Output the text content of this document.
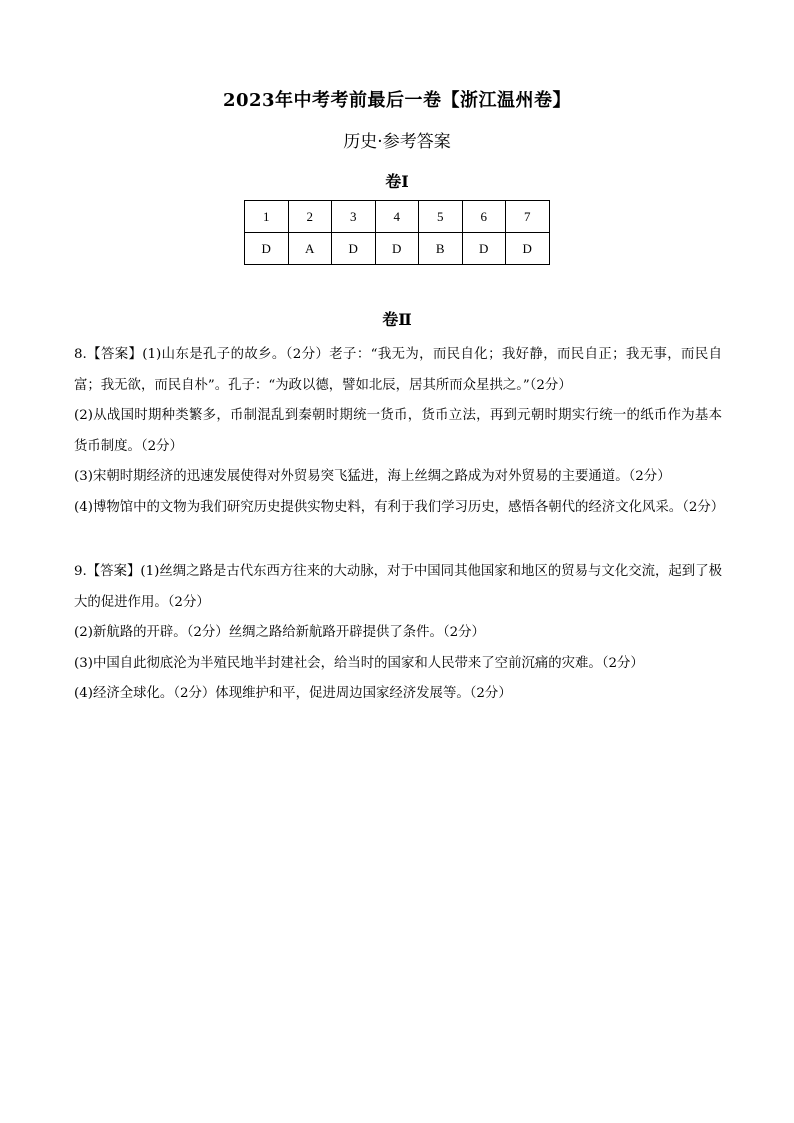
2023年中考考前最后一卷【浙江温州卷】
历史·参考答案
卷Ⅰ
1	2	3	4	5	6	7
D	A	D	D	B	D	D
卷Ⅱ

8.【答案】(1)山东是孔子的故乡。（2分）老子：“我无为，而民自化；我好静，而民自正；我无事，而民自富；我无欲，而民自朴”。孔子：“为政以德，譬如北辰，居其所而众星拱之。”（2分）

(2)从战国时期种类繁多，币制混乱到秦朝时期统一货币，货币立法，再到元朝时期实行统一的纸币作为基本货币制度。（2分）

(3)宋朝时期经济的迅速发展使得对外贸易突飞猛进，海上丝绸之路成为对外贸易的主要通道。（2分）

(4)博物馆中的文物为我们研究历史提供实物史料，有利于我们学习历史，感悟各朝代的经济文化风采。（2分）

9.【答案】(1)丝绸之路是古代东西方往来的大动脉，对于中国同其他国家和地区的贸易与文化交流，起到了极大的促进作用。（2分）

(2)新航路的开辟。（2分）丝绸之路给新航路开辟提供了条件。（2分）

(3)中国自此彻底沦为半殖民地半封建社会，给当时的国家和人民带来了空前沉痛的灾难。（2分）

(4)经济全球化。（2分）体现维护和平，促进周边国家经济发展等。（2分）
